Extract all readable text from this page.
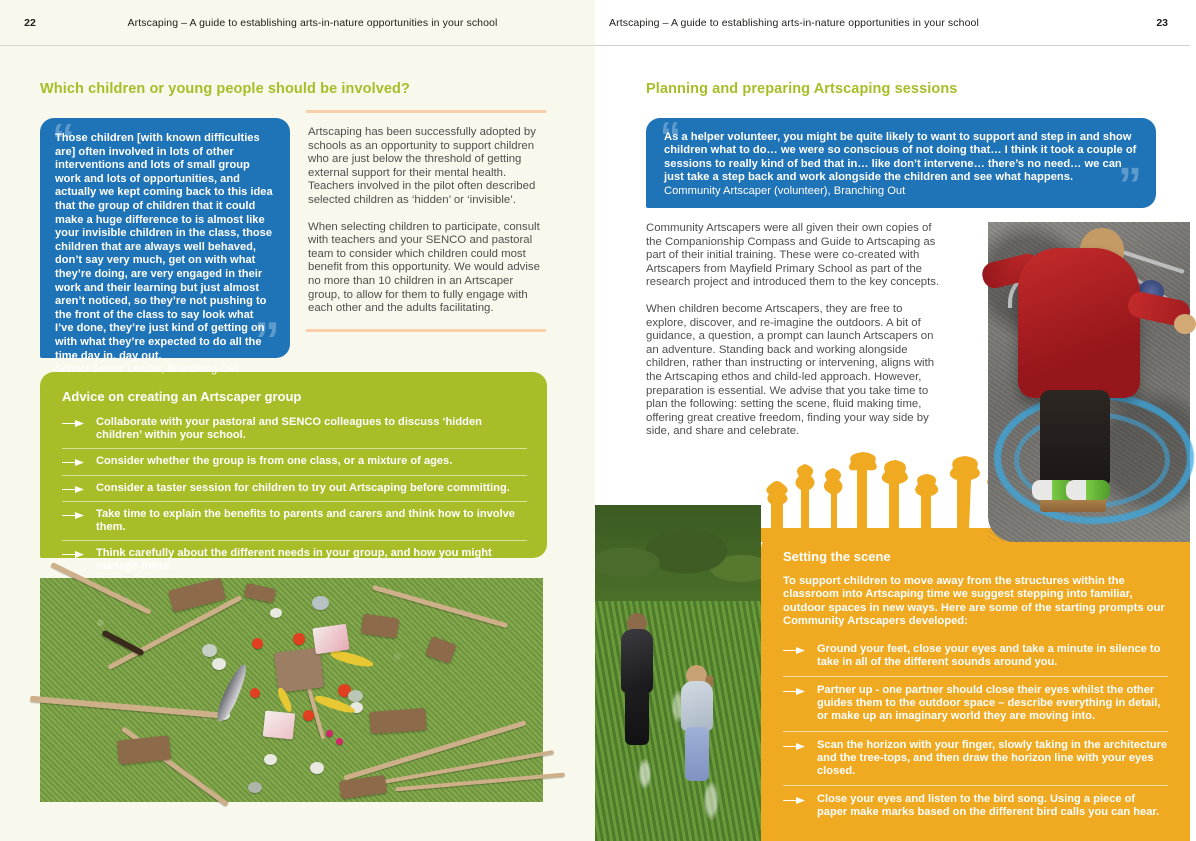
22	Artscaping – A guide to establishing arts-in-nature opportunities in your school
Which children or young people should be involved?
“
”
Those children [with known difficulties are] often involved in lots of other interventions and lots of small group work and lots of opportunities, and actually we kept coming back to this idea that the group of children that it could make a huge difference to is almost like your invisible children in the class, those children that are always well behaved, don’t say very much, get on with what they’re doing, are very engaged in their work and their learning but just almost aren’t noticed, so they’re not pushing to the front of the class to say look what I’ve done, they’re just kind of getting on with what they’re expected to do all the time day in, day out.
School Senior Leader, Branching Out

Artscaping has been successfully adopted by schools as an opportunity to support children who are just below the threshold of getting external support for their mental health. Teachers involved in the pilot often described selected children as ‘hidden’ or ‘invisible’.

When selecting children to participate, consult with teachers and your SENCO and pastoral team to consider which children could most benefit from this opportunity. We would advise no more than 10 children in an Artscaper group, to allow for them to fully engage with each other and the adults facilitating.

Advice on creating an Artscaper group
Collaborate with your pastoral and SENCO colleagues to discuss ‘hidden children’ within your school.
Consider whether the group is from one class, or a mixture of ages.
Consider a taster session for children to try out Artscaping before committing.
Take time to explain the benefits to parents and carers and think how to involve them.
Think carefully about the different needs in your group, and how you might manage these.
Artscaping – A guide to establishing arts-in-nature opportunities in your school	23
Planning and preparing Artscaping sessions
“
”
As a helper volunteer, you might be quite likely to want to support and step in and show children what to do… we were so conscious of not doing that… I think it took a couple of sessions to really kind of bed that in… like don’t intervene… there’s no need… we can just take a step back and work alongside the children and see what happens.
Community Artscaper (volunteer), Branching Out

Community Artscapers were all given their own copies of the Companionship Compass and Guide to Artscaping as part of their initial training. These were co-created with Artscapers from Mayfield Primary School as part of the research project and introduced them to the key concepts.

When children become Artscapers, they are free to explore, discover, and re-imagine the outdoors. A bit of guidance, a question, a prompt can launch Artscapers on an adventure. Standing back and working alongside children, rather than instructing or intervening, aligns with the Artscaping ethos and child-led approach. However, preparation is essential. We advise that you take time to plan the following: setting the scene, fluid making time, offering great creative freedom, finding your way side by side, and share and celebrate.

Setting the scene

To support children to move away from the structures within the classroom into Artscaping time we suggest stepping into familiar, outdoor spaces in new ways. Here are some of the starting prompts our Community Artscapers developed:

Ground your feet, close your eyes and take a minute in silence to take in all of the different sounds around you.
Partner up - one partner should close their eyes whilst the other guides them to the outdoor space – describe everything in detail, or make up an imaginary world they are moving into.
Scan the horizon with your finger, slowly taking in the architecture and the tree-tops, and then draw the horizon line with your eyes closed.
Close your eyes and listen to the bird song. Using a piece of paper make marks based on the different bird calls you can hear.
